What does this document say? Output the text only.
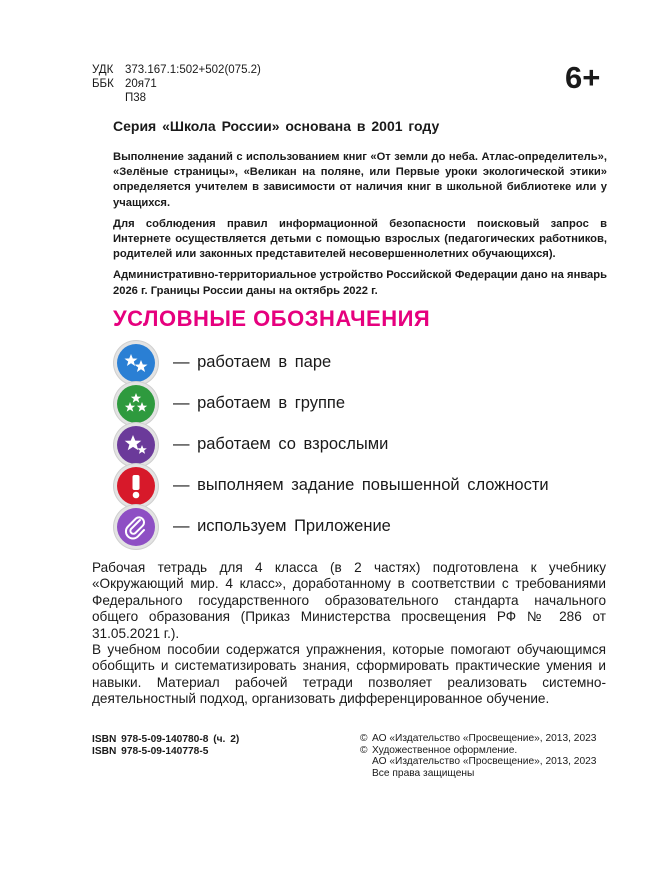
УДК	373.167.1:502+502(075.2)
ББК 20я71
П38
6+
Серия «Школа России» основана в 2001 году

Выполнение заданий с использованием книг «От земли до неба. Атлас-определитель», «Зелёные страницы», «Великан на поляне, или Первые уроки экологической этики» определяется учителем в зависимости от наличия книг в школьной библиотеке или у учащихся.

Для соблюдения правил информационной безопасности поисковый запрос в Интернете осуществляется детьми с помощью взрослых (педагогических работников, родителей или законных представителей несовершеннолетних обучающихся).

Административно-территориальное устройство Российской Федерации дано на январь 2026 г. Границы России даны на октябрь 2022 г.

УСЛОВНЫЕ ОБОЗНАЧЕНИЯ
— работаем в паре
— работаем в группе
— работаем со взрослыми
— выполняем задание повышенной сложности
— используем Приложение

Рабочая тетрадь для 4 класса (в 2 частях) подготовлена к учебнику «Окружающий мир. 4 класс», доработанному в соответствии с требованиями Федерального государственного образовательного стандарта начального общего образования (Приказ Министерства просвещения РФ № 286 от 31.05.2021 г.).

В учебном пособии содержатся упражнения, которые помогают обучающимся обобщить и систематизировать знания, сформировать практические умения и навыки. Материал рабочей тетради позволяет реализовать системно-деятельностный подход, организовать дифференцированное обучение.

ISBN 978-5-09-140780-8 (ч. 2)
ISBN 978-5-09-140778-5
© АО «Издательство «Просвещение», 2013, 2023
© Художественное оформление.
АО «Издательство «Просвещение», 2013, 2023
Все права защищены
